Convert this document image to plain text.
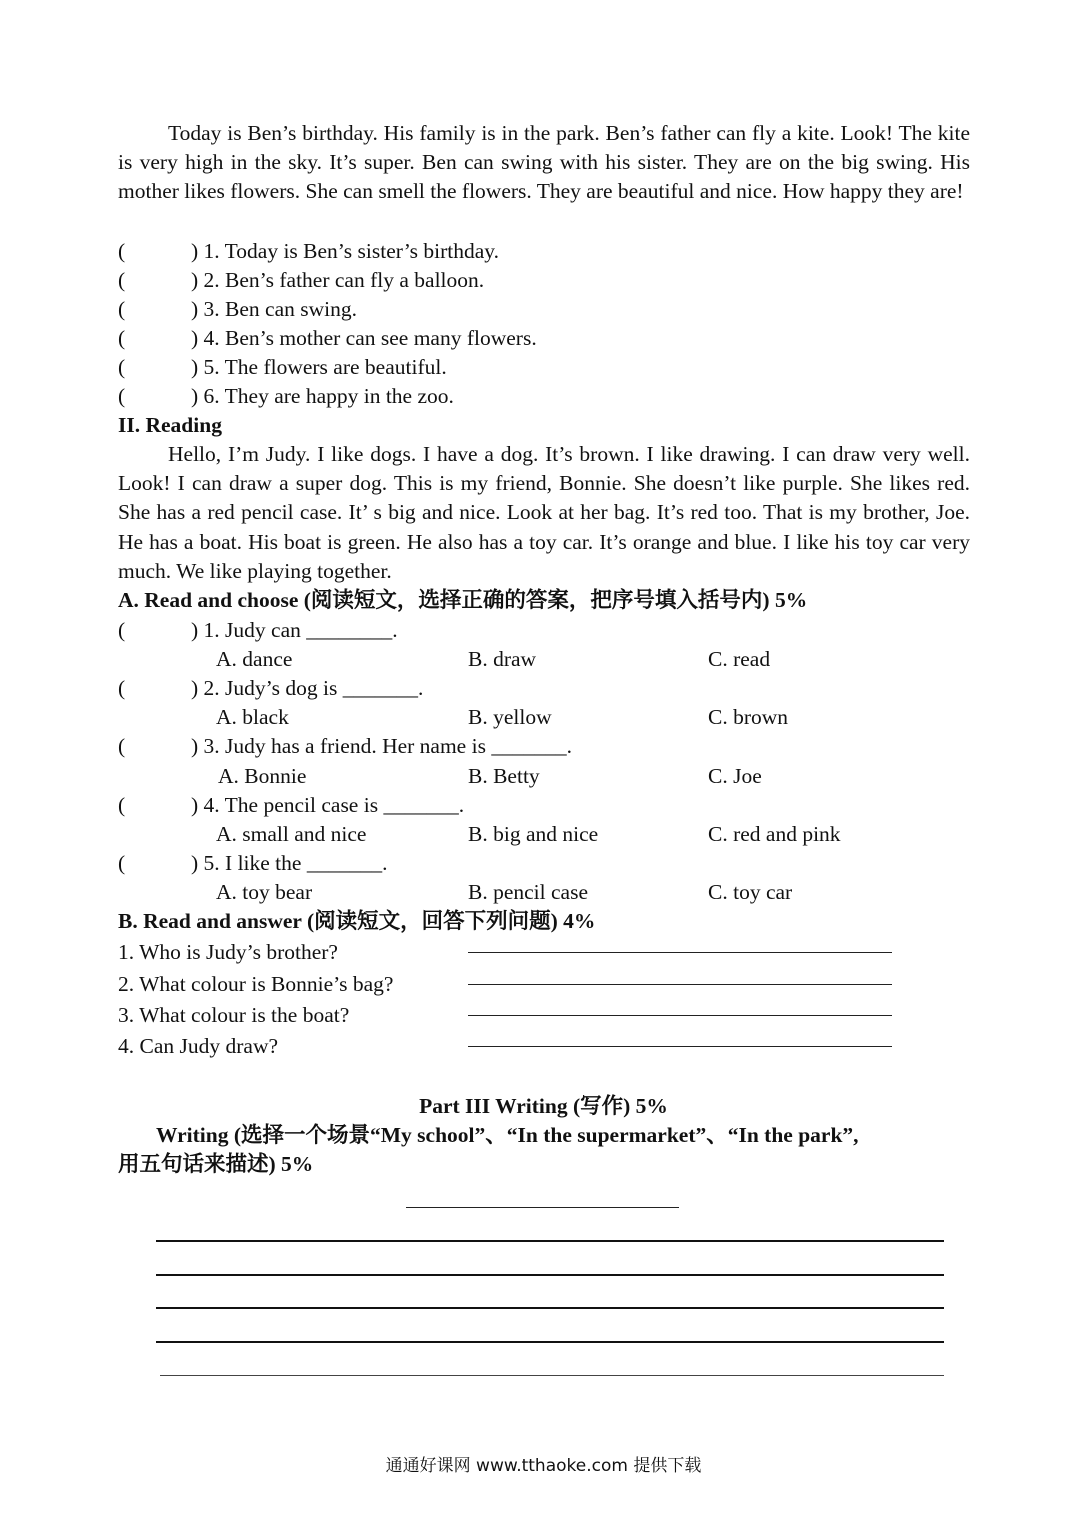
Today is Ben’s birthday. His family is in the park. Ben’s father can fly a kite. Look! The kite is very high in the sky. It’s super. Ben can swing with his sister. They are on the big swing. His mother likes flowers. She can smell the flowers. They are beautiful and nice. How happy they are!
(	) 1. Today is Ben’s sister’s birthday.
(	) 2. Ben’s father can fly a balloon.
(	) 3. Ben can swing.
(	) 4. Ben’s mother can see many flowers.
(	) 5. The flowers are beautiful.
(	) 6. They are happy in the zoo.
II. Reading
Hello, I’m Judy. I like dogs. I have a dog. It’s brown. I like drawing. I can draw very well. Look! I can draw a super dog. This is my friend, Bonnie. She doesn’t like purple. She likes red. She has a red pencil case. It’ s big and nice. Look at her bag. It’s red too. That is my brother, Joe. He has a boat. His boat is green. He also has a toy car. It’s orange and blue. I like his toy car very much. We like playing together.
A. Read and choose (阅读短文，选择正确的答案，把序号填入括号内) 5%
(	) 1. Judy can ________.
A. dance	B. draw	C. read
(	) 2. Judy’s dog is _______.
A. black	B. yellow	C. brown
(	) 3. Judy has a friend. Her name is _______.
A. Bonnie	B. Betty	C. Joe
(	) 4. The pencil case is _______.
A. small and nice	B. big and nice	C. red and pink
(	) 5. I like the _______.
A. toy bear	B. pencil case	C. toy car
B. Read and answer (阅读短文，回答下列问题) 4%
1. Who is Judy’s brother?
2. What colour is Bonnie’s bag?
3. What colour is the boat?
4. Can Judy draw?
Part III Writing (写作) 5%
Writing (选择一个场景“My school”、“In the supermarket”、“In the park”,
用五句话来描述) 5%
通通好课网 www.tthaoke.com 提供下载
